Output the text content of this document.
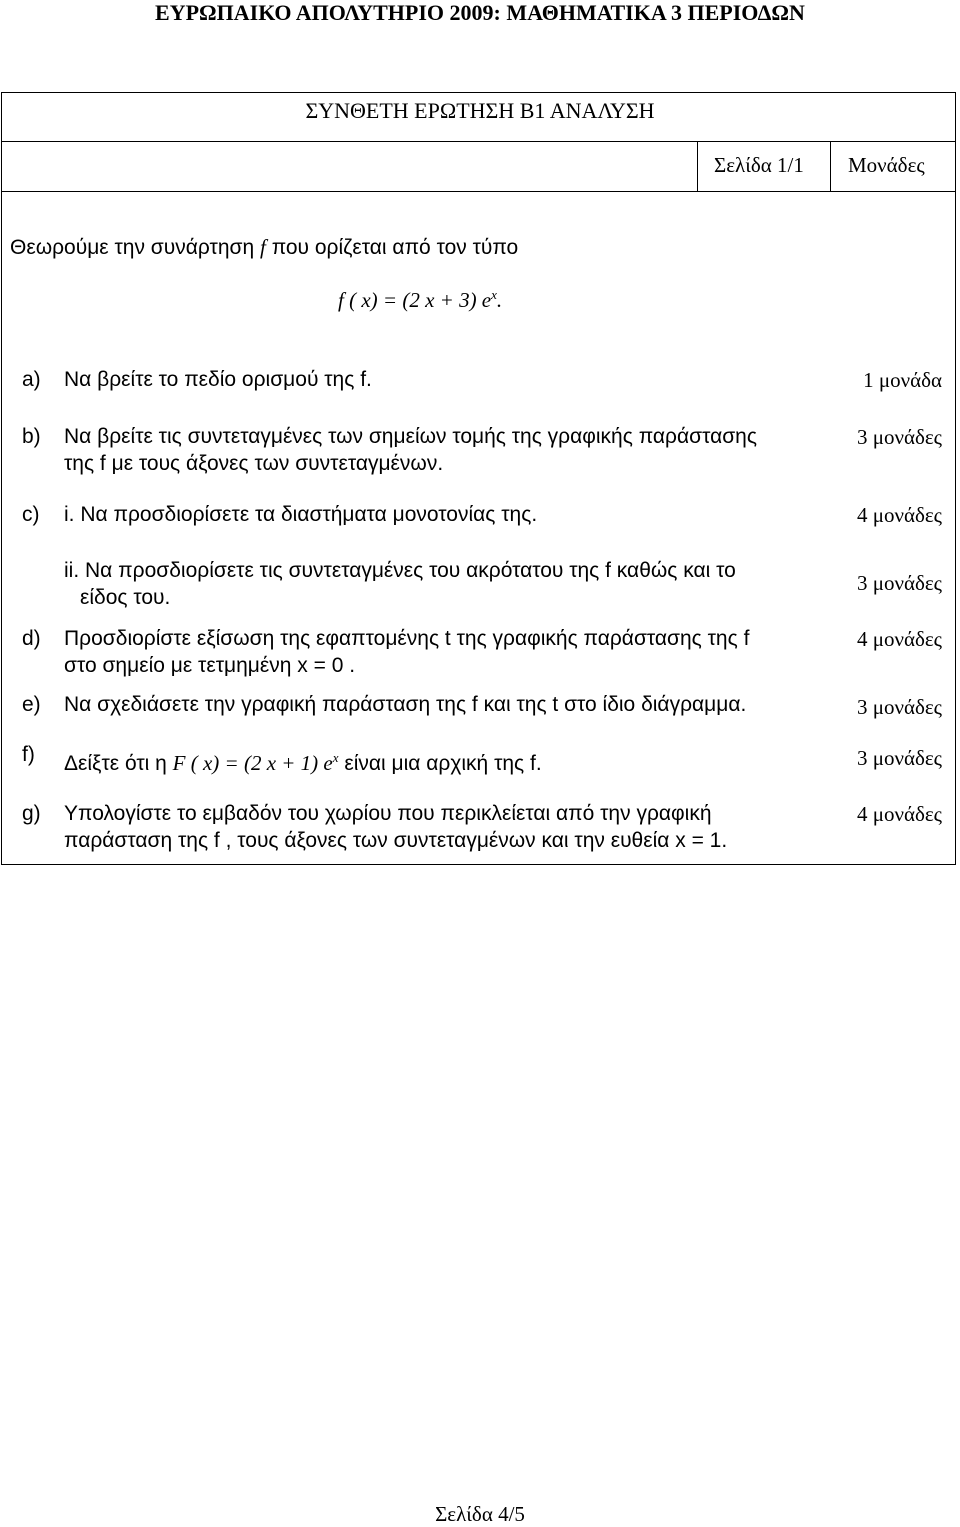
ΕΥΡΩΠΑΙΚΟ ΑΠΟΛΥΤΗΡΙΟ 2009: ΜΑΘΗΜΑΤΙΚΑ 3 ΠΕΡΙΟΔΩΝ
ΣΥΝΘΕΤΗ ΕΡΩΤΗΣΗ Β1 ΑΝΑΛΥΣΗ
Σελίδα 1/1 Μονάδες
Θεωρούμε την συνάρτηση f που ορίζεται από τον τύπο
f ( x) = (2 x + 3) $e^x$.
a) Να βρείτε το πεδίο ορισμού της f.	1 μονάδα
b) Να βρείτε τις συντεταγμένες των σημείων τομής της γραφικής παράστασης
της f με τους άξονες των συντεταγμένων.
3 μονάδες
c) i. Να προσδιορίσετε τα διαστήματα μονοτονίας της.	4 μονάδες
ii. Να προσδιορίσετε τις συντεταγμένες του ακρότατου της f καθώς και το
είδος του.
3 μονάδες
d) Προσδιορίστε εξίσωση της εφαπτομένης t της γραφικής παράστασης της f
στο σημείο με τετμημένη x = 0 .
4 μονάδες
e) Να σχεδιάσετε την γραφική παράσταση της f και της t στο ίδιο διάγραμμα.	3 μονάδες
f) Δείξτε ότι η F ( x) = (2 x + 1) $e^x$ είναι μια αρχική της f.	3 μονάδες
g) Υπολογίστε το εμβαδόν του χωρίου που περικλείεται από την γραφική
παράσταση της f , τους άξονες των συντεταγμένων και την ευθεία x = 1.
4 μονάδες
Σελίδα 4/5
